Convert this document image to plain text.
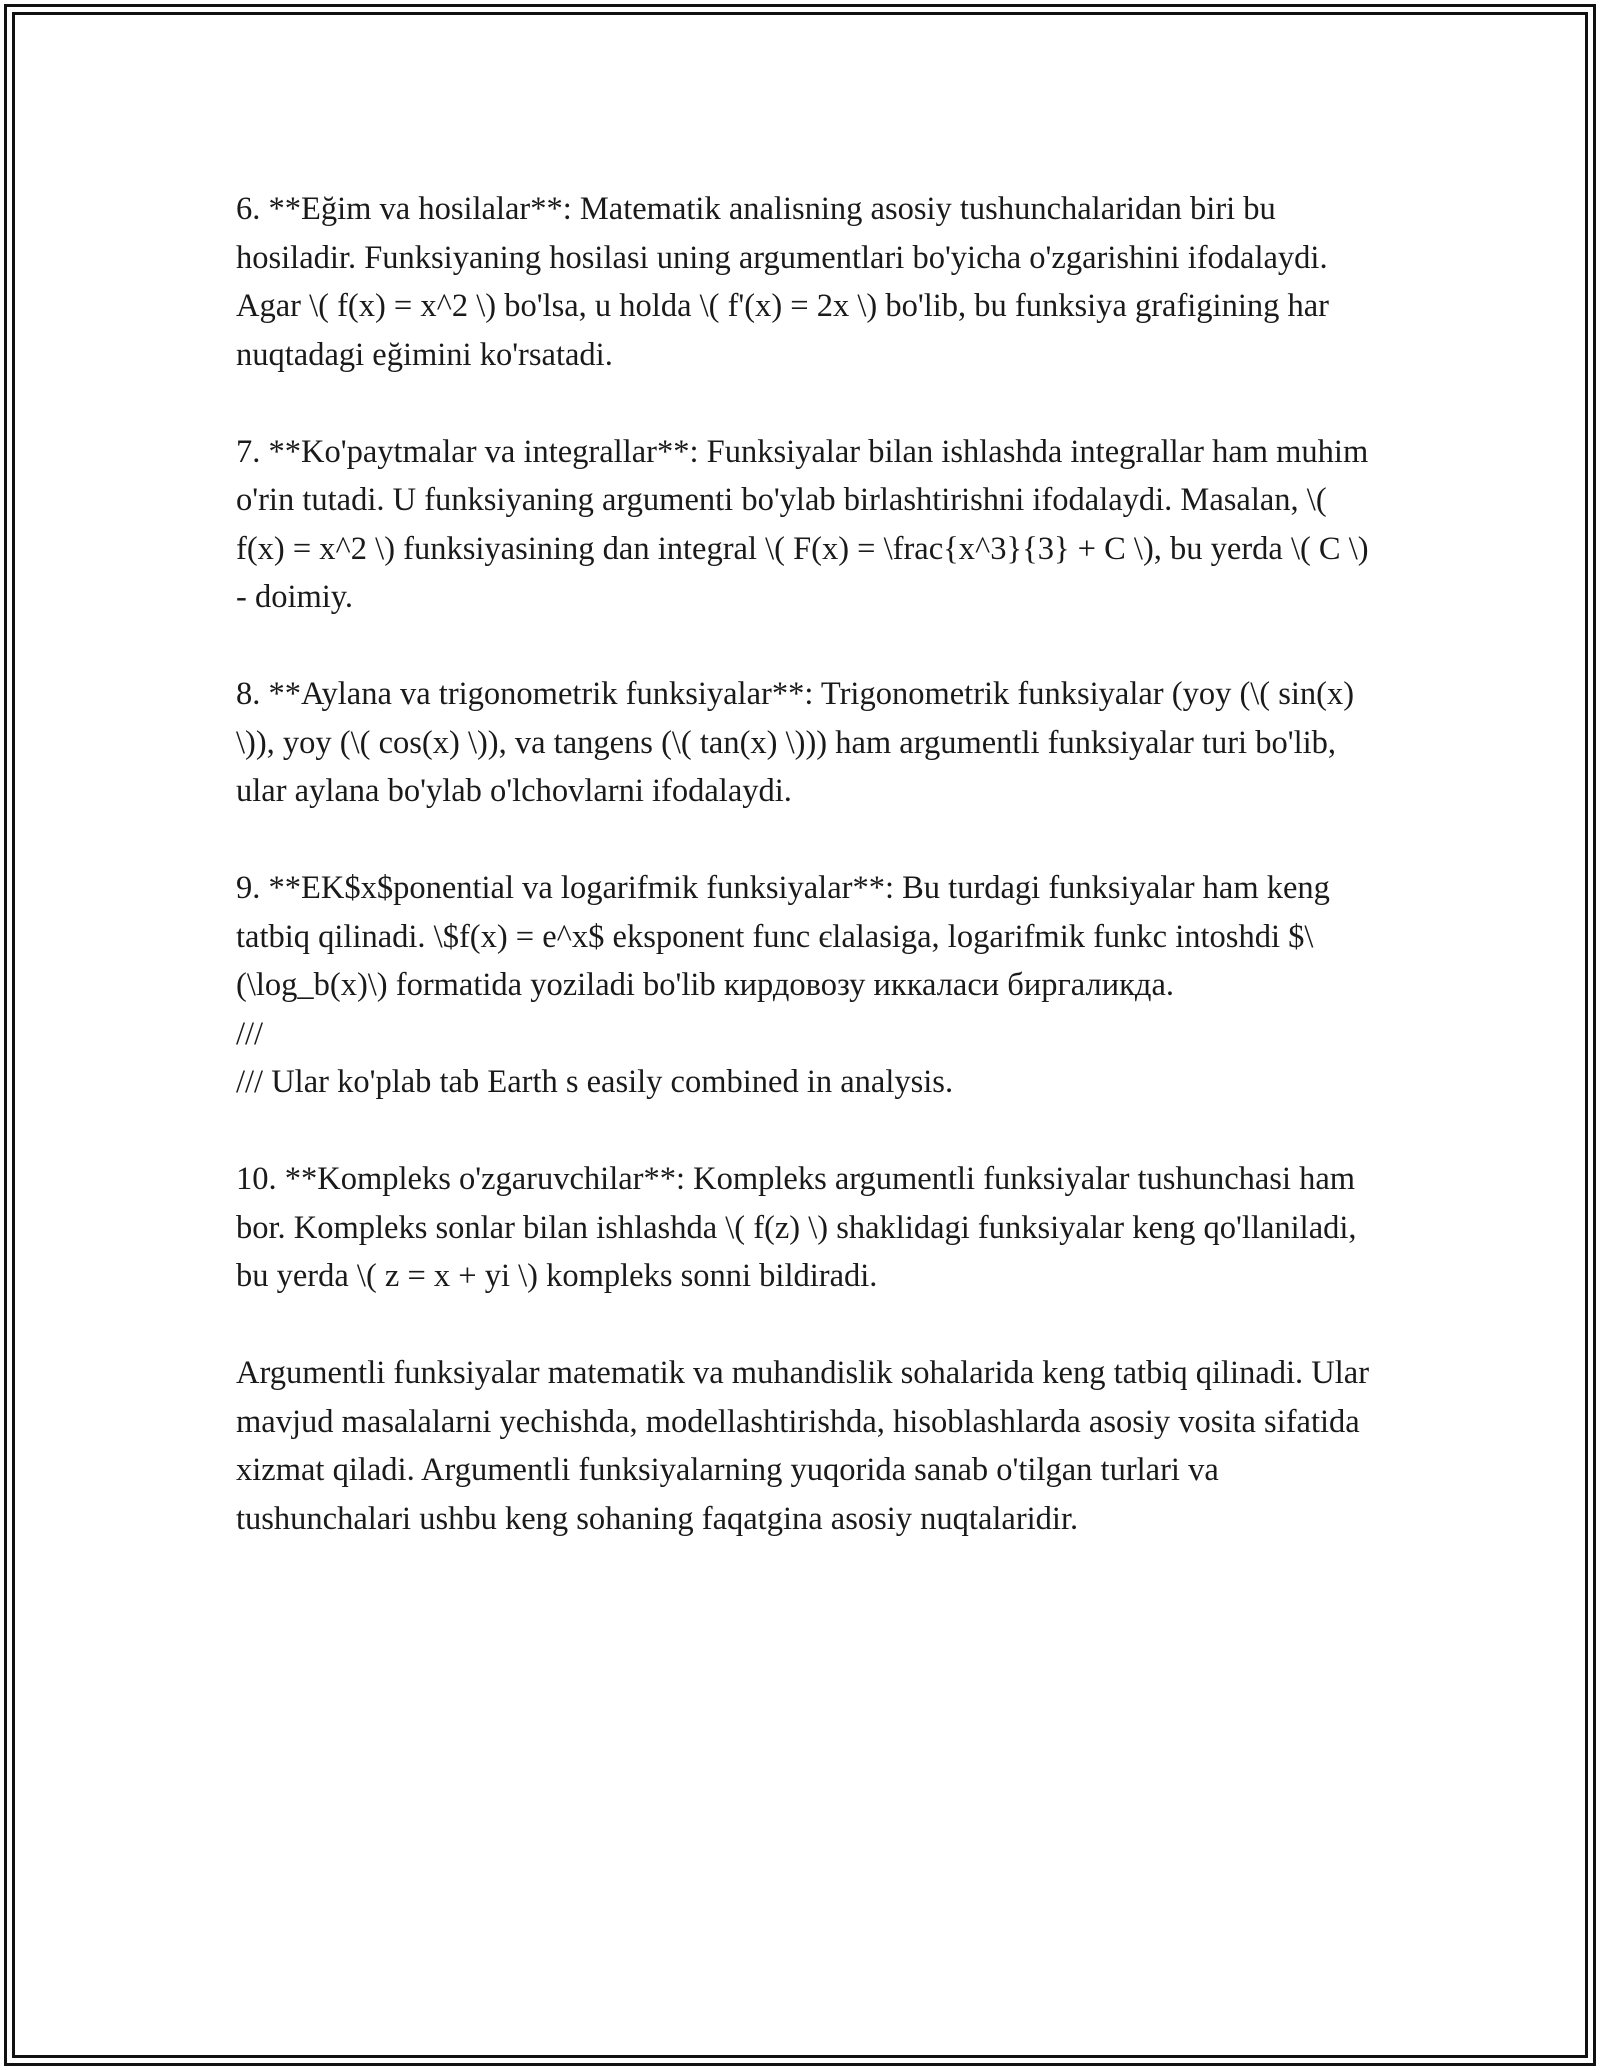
6. **Eğim va hosilalar**: Matematik analisning asosiy tushunchalaridan biri bu hosiladir. Funksiyaning hosilasi uning argumentlari bo'yicha o'zgarishini ifodalaydi. Agar \( f(x) = x^2 \) bo'lsa, u holda \( f'(x) = 2x \) bo'lib, bu funksiya grafigining har nuqtadagi eğimini ko'rsatadi.

7. **Ko'paytmalar va integrallar**: Funksiyalar bilan ishlashda integrallar ham muhim o'rin tutadi. U funksiyaning argumenti bo'ylab birlashtirishni ifodalaydi. Masalan, \( f(x) = x^2 \) funksiyasining dan integral \( F(x) = \frac{x^3}{3} + C \), bu yerda \( C \) - doimiy.

8. **Aylana va trigonometrik funksiyalar**: Trigonometrik funksiyalar (yoy (\( sin(x) \)), yoy (\( cos(x) \)), va tangens (\( tan(x) \))) ham argumentli funksiyalar turi bo'lib, ular aylana bo'ylab o'lchovlarni ifodalaydi.

9. **EK$x$ponential va logarifmik funksiyalar**: Bu turdagi funksiyalar ham keng tatbiq qilinadi. \$f(x) = e^x$ eksponent func єlalasiga, logarifmik funkc intoshdi $\(\log_b(x)\) formatida yoziladi bo'lib кирдовозу иккаласи биргаликда.

///

/// Ular ko'plab tab Earth s easily combined in analysis.

10. **Kompleks o'zgaruvchilar**: Kompleks argumentli funksiyalar tushunchasi ham bor. Kompleks sonlar bilan ishlashda \( f(z) \) shaklidagi funksiyalar keng qo'llaniladi, bu yerda \( z = x + yi \) kompleks sonni bildiradi.

Argumentli funksiyalar matematik va muhandislik sohalarida keng tatbiq qilinadi. Ular mavjud masalalarni yechishda, modellashtirishda, hisoblashlarda asosiy vosita sifatida xizmat qiladi. Argumentli funksiyalarning yuqorida sanab o'tilgan turlari va tushunchalari ushbu keng sohaning faqatgina asosiy nuqtalaridir.
